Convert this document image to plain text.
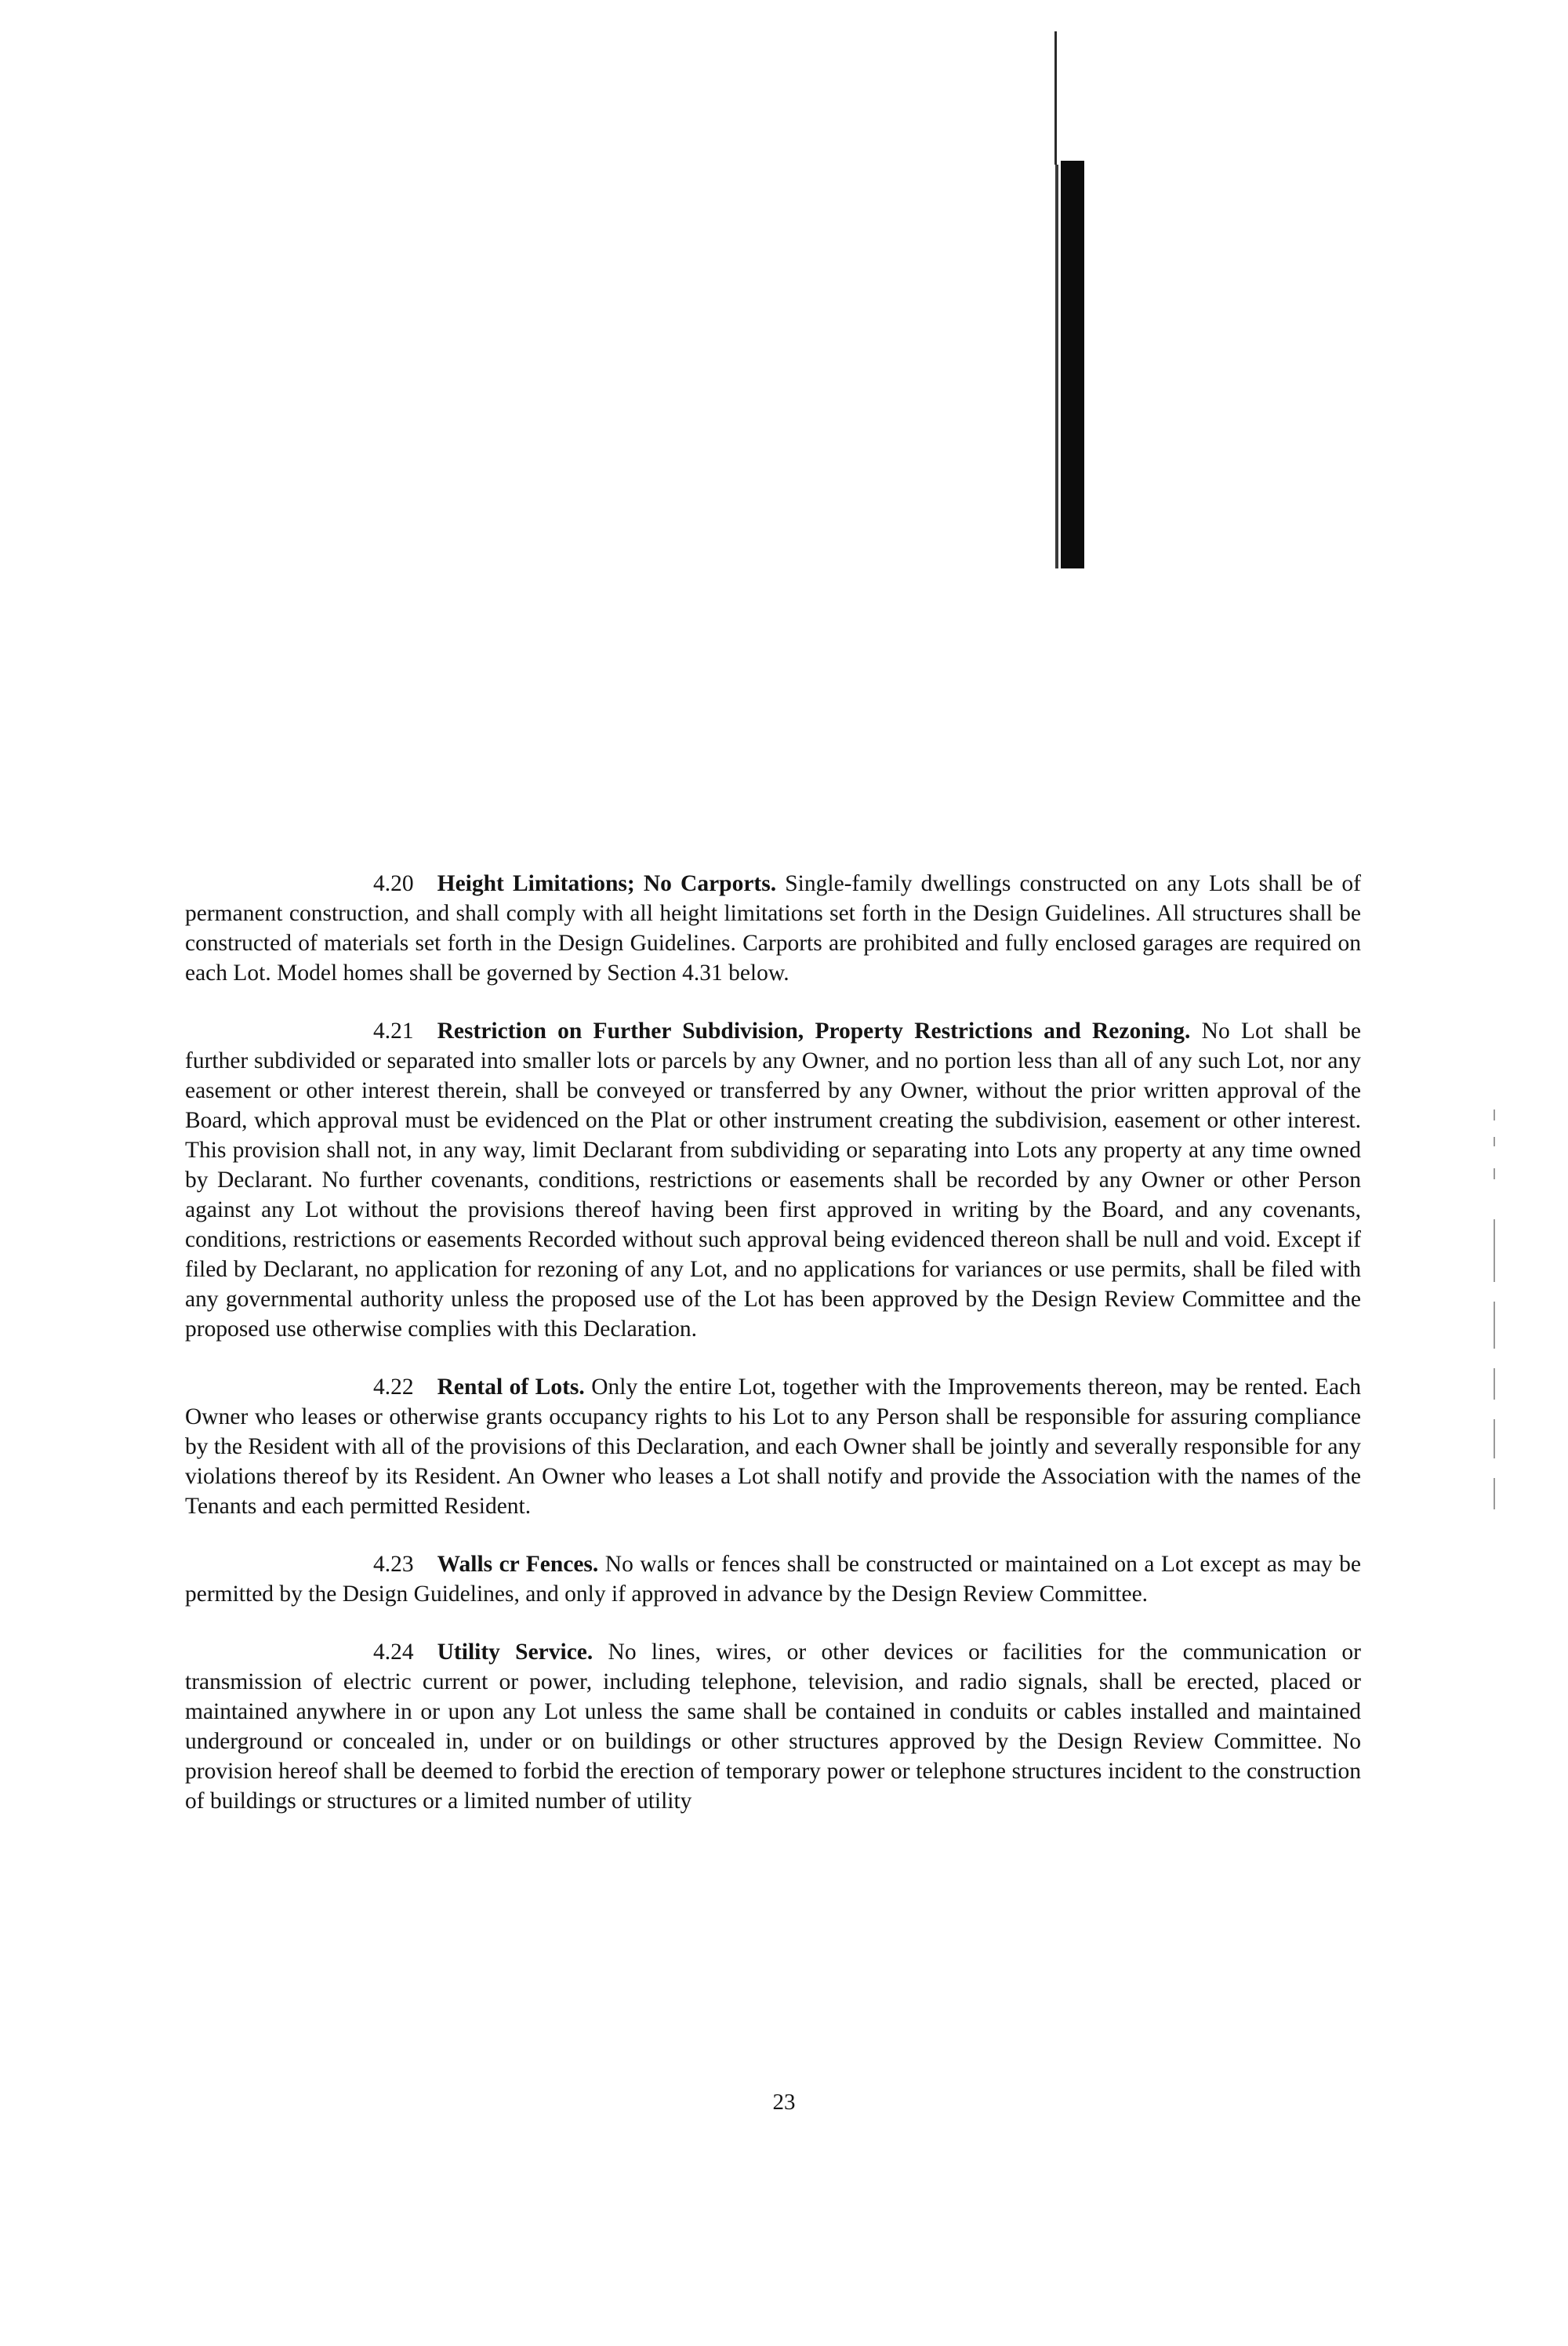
4.20 Height Limitations; No Carports. Single-family dwellings constructed on any Lots shall be of permanent construction, and shall comply with all height limitations set forth in the Design Guidelines. All structures shall be constructed of materials set forth in the Design Guidelines. Carports are prohibited and fully enclosed garages are required on each Lot. Model homes shall be governed by Section 4.31 below.

4.21 Restriction on Further Subdivision, Property Restrictions and Rezoning. No Lot shall be further subdivided or separated into smaller lots or parcels by any Owner, and no portion less than all of any such Lot, nor any easement or other interest therein, shall be conveyed or transferred by any Owner, without the prior written approval of the Board, which approval must be evidenced on the Plat or other instrument creating the subdivision, easement or other interest. This provision shall not, in any way, limit Declarant from subdividing or separating into Lots any property at any time owned by Declarant. No further covenants, conditions, restrictions or easements shall be recorded by any Owner or other Person against any Lot without the provisions thereof having been first approved in writing by the Board, and any covenants, conditions, restrictions or easements Recorded without such approval being evidenced thereon shall be null and void. Except if filed by Declarant, no application for rezoning of any Lot, and no applications for variances or use permits, shall be filed with any governmental authority unless the proposed use of the Lot has been approved by the Design Review Committee and the proposed use otherwise complies with this Declaration.

4.22 Rental of Lots. Only the entire Lot, together with the Improvements thereon, may be rented. Each Owner who leases or otherwise grants occupancy rights to his Lot to any Person shall be responsible for assuring compliance by the Resident with all of the provisions of this Declaration, and each Owner shall be jointly and severally responsible for any violations thereof by its Resident. An Owner who leases a Lot shall notify and provide the Association with the names of the Tenants and each permitted Resident.

4.23 Walls cr Fences. No walls or fences shall be constructed or maintained on a Lot except as may be permitted by the Design Guidelines, and only if approved in advance by the Design Review Committee.

4.24 Utility Service. No lines, wires, or other devices or facilities for the communication or transmission of electric current or power, including telephone, television, and radio signals, shall be erected, placed or maintained anywhere in or upon any Lot unless the same shall be contained in conduits or cables installed and maintained underground or concealed in, under or on buildings or other structures approved by the Design Review Committee. No provision hereof shall be deemed to forbid the erection of temporary power or telephone structures incident to the construction of buildings or structures or a limited number of utility

23
